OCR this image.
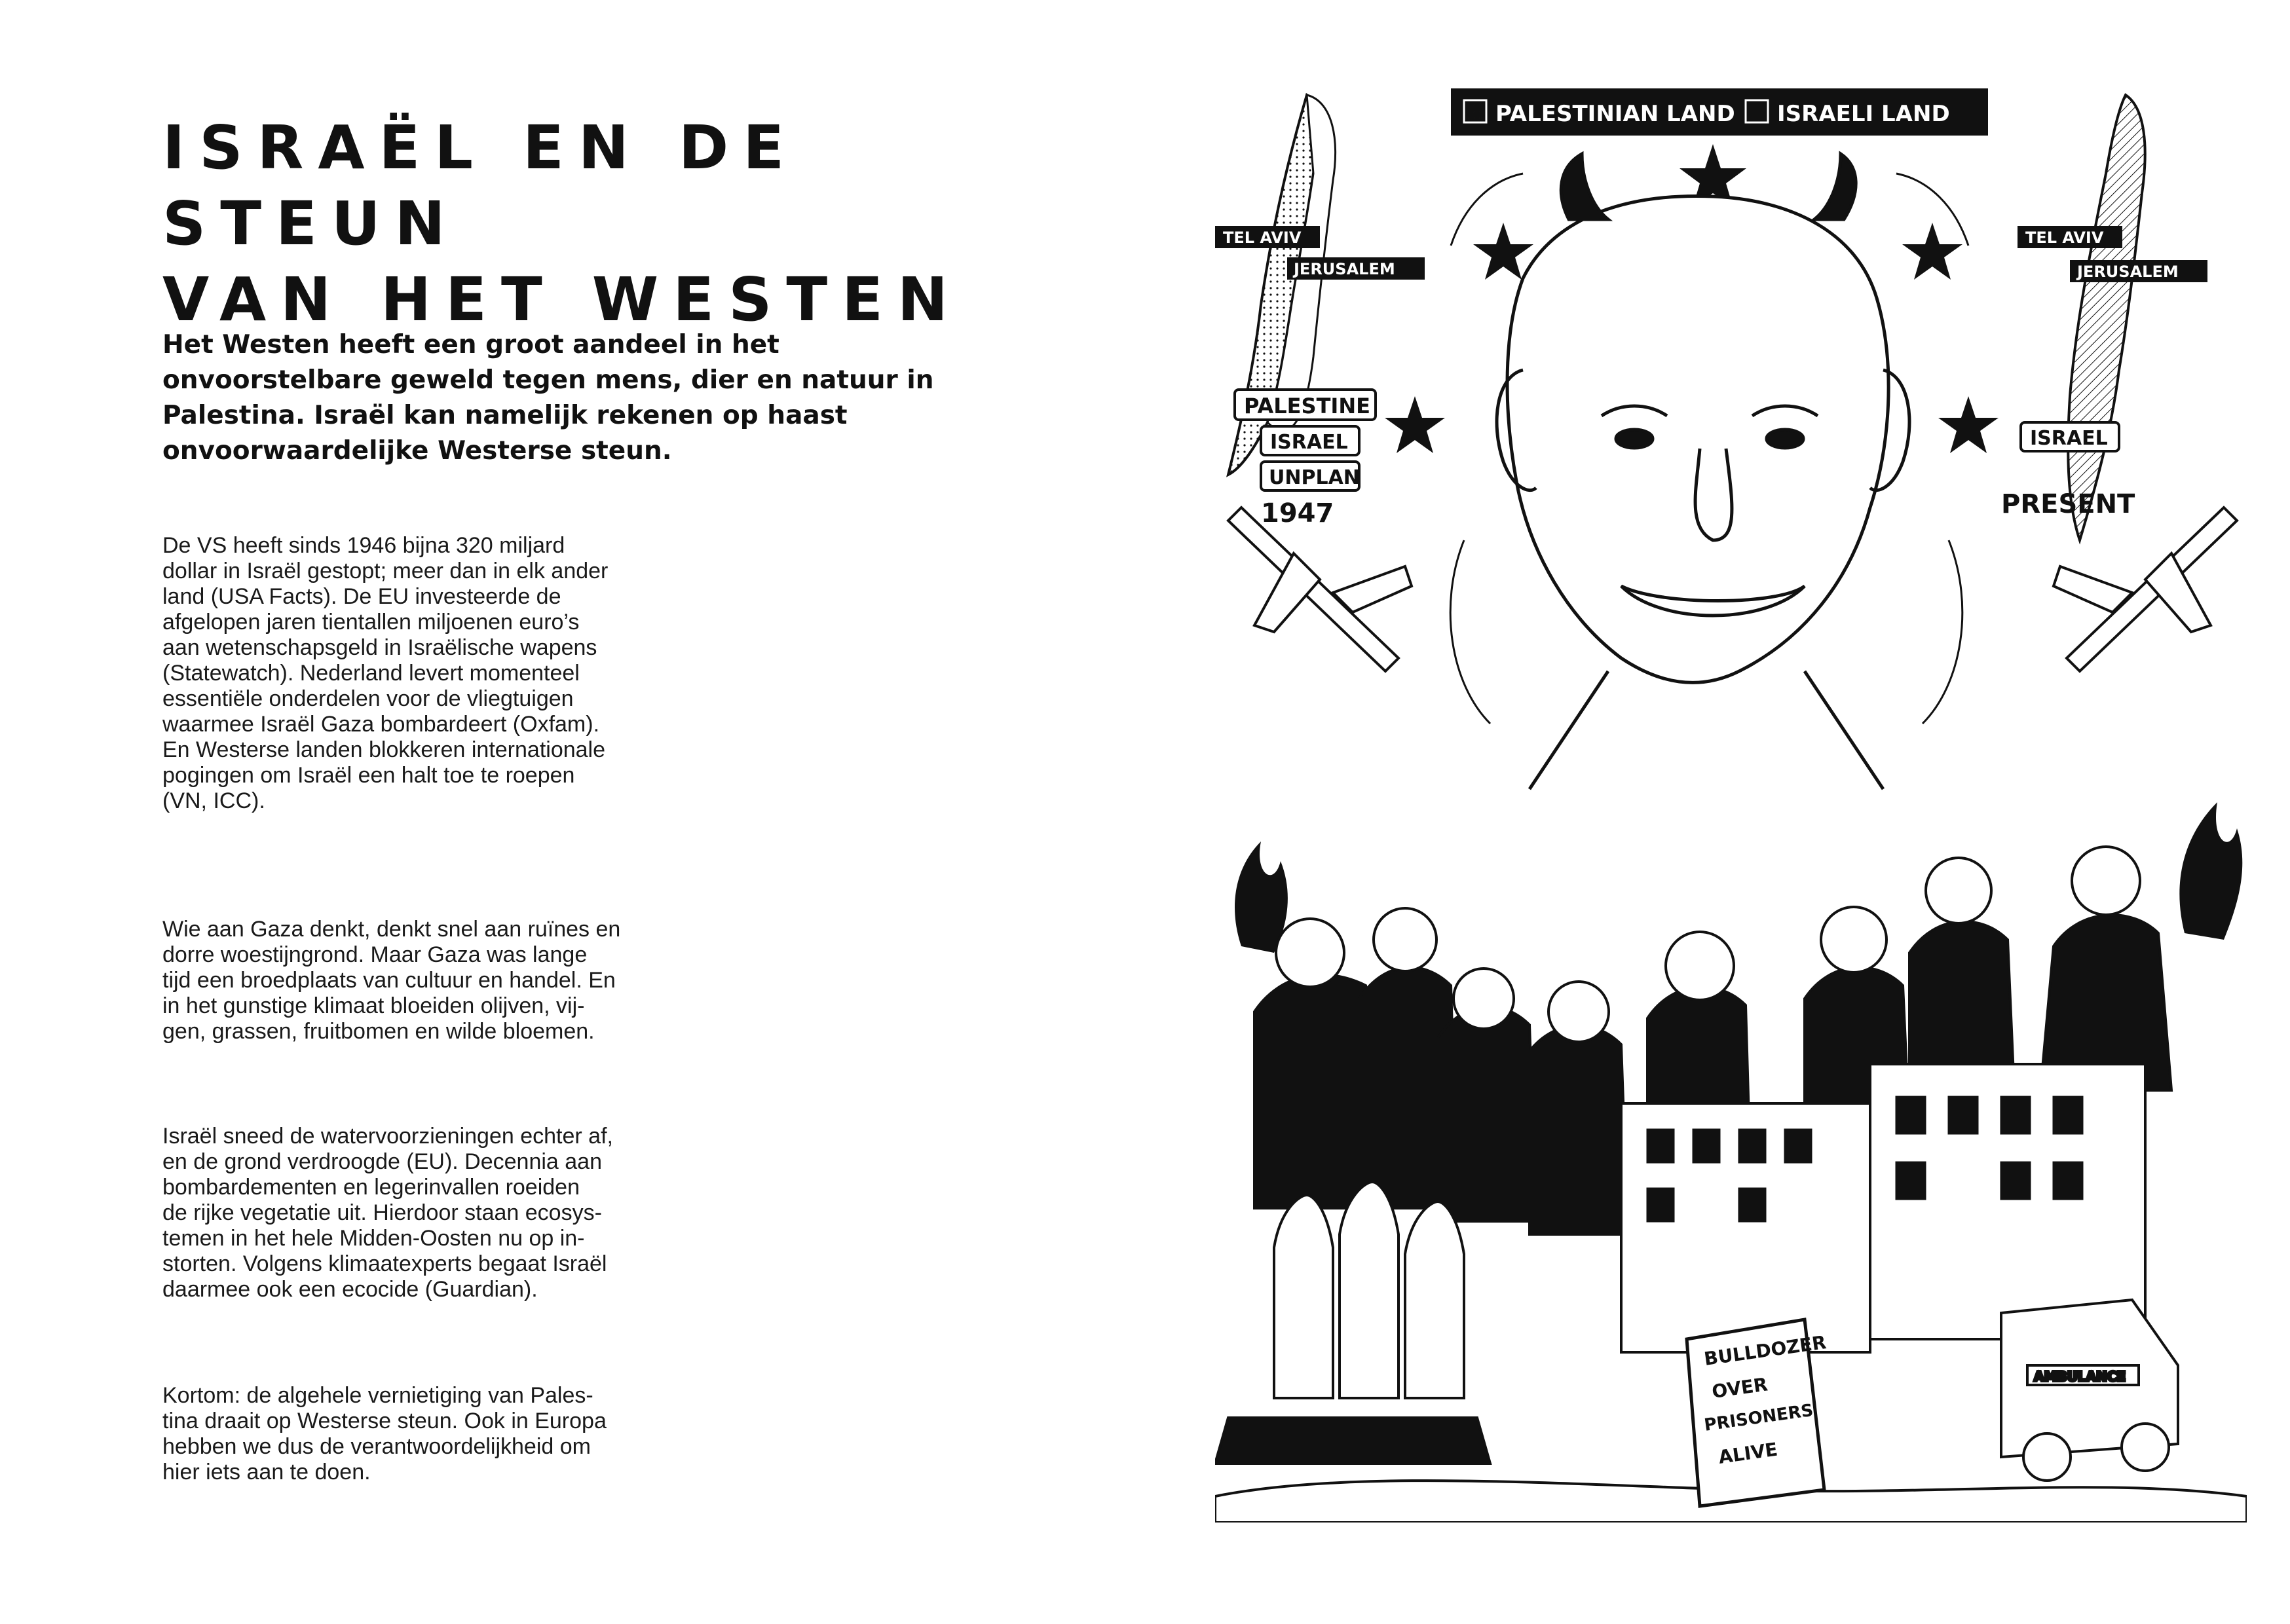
ISRAËL EN DE STEUN
VAN HET WESTEN

Het Westen heeft een groot aandeel in het onvoorstelbare geweld tegen mens, dier en natuur in Palestina. Israël kan namelijk rekenen op haast onvoorwaardelijke Westerse steun.

De VS heeft sinds 1946 bijna 320 miljard
dollar in Israël gestopt; meer dan in elk ander
land (USA Facts). De EU investeerde de
afgelopen jaren tientallen miljoenen euro’s
aan wetenschapsgeld in Israëlische wapens
(Statewatch). Nederland levert momenteel
essentiële onderdelen voor de vliegtuigen
waarmee Israël Gaza bombardeert (Oxfam).
En Westerse landen blokkeren internationale
pogingen om Israël een halt toe te roepen
(VN, ICC).

Wie aan Gaza denkt, denkt snel aan ruïnes en
dorre woestijngrond. Maar Gaza was lange
tijd een broedplaats van cultuur en handel. En
in het gunstige klimaat bloeiden olijven, vij-
gen, grassen, fruitbomen en wilde bloemen.

Israël sneed de watervoorzieningen echter af,
en de grond verdroogde (EU). Decennia aan
bombardementen en legerinvallen roeiden
de rijke vegetatie uit. Hierdoor staan ecosys-
temen in het hele Midden-Oosten nu op in-
storten. Volgens klimaatexperts begaat Israël
daarmee ook een ecocide (Guardian).

Kortom: de algehele vernietiging van Pales-
tina draait op Westerse steun. Ook in Europa
hebben we dus de verantwoordelijkheid om
hier iets aan te doen.

PALESTINIAN LAND ISRAELI LAND
TEL AVIV
JERUSALEM
PALESTINE
ISRAEL
UNPLAN
1947
TEL AVIV
JERUSALEM
ISRAEL
PRESENT
BULLDOZER
OVER
PRISONERS
ALIVE
AMBULANCE
